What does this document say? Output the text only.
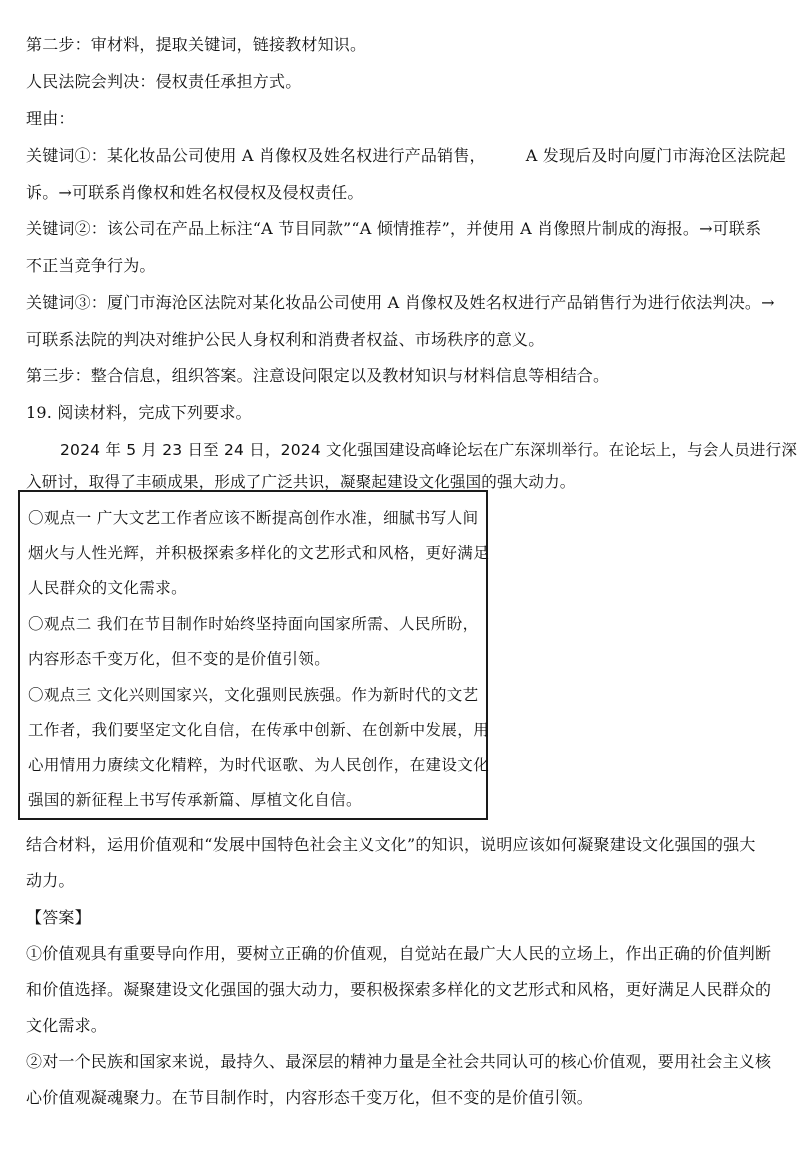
第二步：审材料，提取关键词，链接教材知识。
人民法院会判决：侵权责任承担方式。
理由：
关键词①：某化妆品公司使用 A 肖像权及姓名权进行产品销售，	A 发现后及时向厦门市海沧区法院起
诉。→可联系肖像权和姓名权侵权及侵权责任。
关键词②：该公司在产品上标注“A 节目同款”“A 倾情推荐”，并使用 A 肖像照片制成的海报。→可联系
不正当竞争行为。
关键词③：厦门市海沧区法院对某化妆品公司使用 A 肖像权及姓名权进行产品销售行为进行依法判决。→
可联系法院的判决对维护公民人身权利和消费者权益、市场秩序的意义。
第三步：整合信息，组织答案。注意设问限定以及教材知识与材料信息等相结合。
19. 阅读材料，完成下列要求。
2024 年 5 月 23 日至 24 日，2024 文化强国建设高峰论坛在广东深圳举行。在论坛上，与会人员进行深
入研讨，取得了丰硕成果，形成了广泛共识，凝聚起建设文化强国的强大动力。
〇观点一 广大文艺工作者应该不断提高创作水准，细腻书写人间
烟火与人性光辉，并积极探索多样化的文艺形式和风格，更好满足
人民群众的文化需求。
〇观点二 我们在节目制作时始终坚持面向国家所需、人民所盼，
内容形态千变万化，但不变的是价值引领。
〇观点三 文化兴则国家兴，文化强则民族强。作为新时代的文艺
工作者，我们要坚定文化自信，在传承中创新、在创新中发展，用
心用情用力赓续文化精粹，为时代讴歌、为人民创作，在建设文化
强国的新征程上书写传承新篇、厚植文化自信。
结合材料，运用价值观和“发展中国特色社会主义文化”的知识，说明应该如何凝聚建设文化强国的强大
动力。
【答案】
①价值观具有重要导向作用，要树立正确的价值观，自觉站在最广大人民的立场上，作出正确的价值判断
和价值选择。凝聚建设文化强国的强大动力，要积极探索多样化的文艺形式和风格，更好满足人民群众的
文化需求。
②对一个民族和国家来说，最持久、最深层的精神力量是全社会共同认可的核心价值观，要用社会主义核
心价值观凝魂聚力。在节目制作时，内容形态千变万化，但不变的是价值引领。
